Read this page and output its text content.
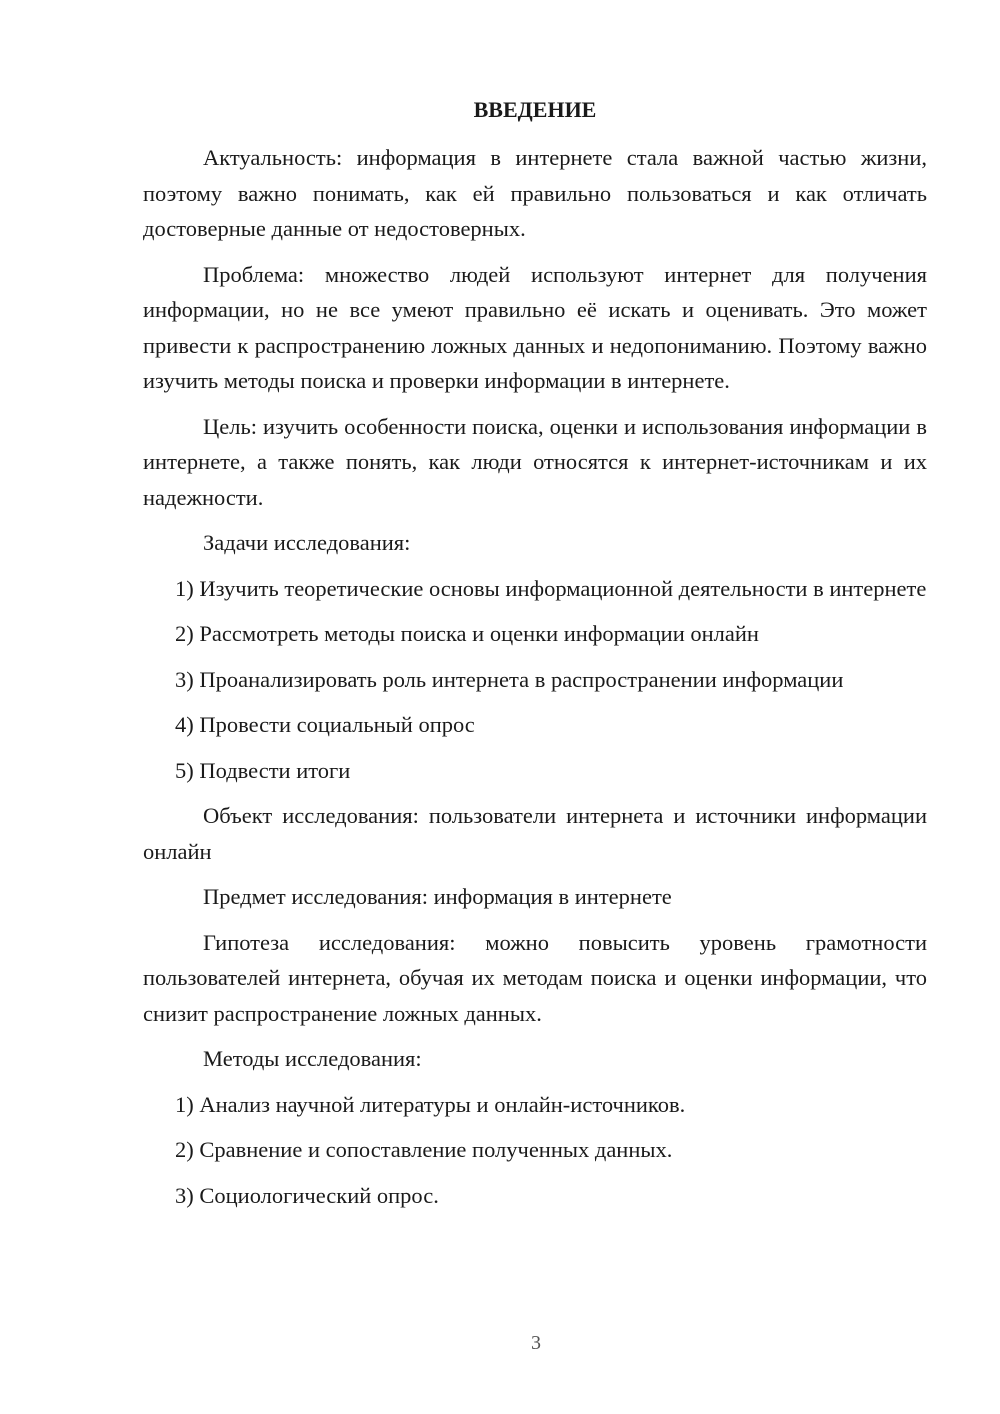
ВВЕДЕНИЕ

Актуальность: информация в интернете стала важной частью жизни, поэтому важно понимать, как ей правильно пользоваться и как отличать достоверные данные от недостоверных.

Проблема: множество людей используют интернет для получения информации, но не все умеют правильно её искать и оценивать. Это может привести к распространению ложных данных и недопониманию. Поэтому важно изучить методы поиска и проверки информации в интернете.

Цель: изучить особенности поиска, оценки и использования информации в интернете, а также понять, как люди относятся к интернет-источникам и их надежности.

Задачи исследования:

1) Изучить теоретические основы информационной деятельности в интернете

2) Рассмотреть методы поиска и оценки информации онлайн

3) Проанализировать роль интернета в распространении информации

4) Провести социальный опрос

5) Подвести итоги

Объект исследования: пользователи интернета и источники информации онлайн

Предмет исследования: информация в интернете

Гипотеза исследования: можно повысить уровень грамотности пользователей интернета, обучая их методам поиска и оценки информации, что снизит распространение ложных данных.

Методы исследования:

1) Анализ научной литературы и онлайн-источников.

2) Сравнение и сопоставление полученных данных.

3) Социологический опрос.

3
